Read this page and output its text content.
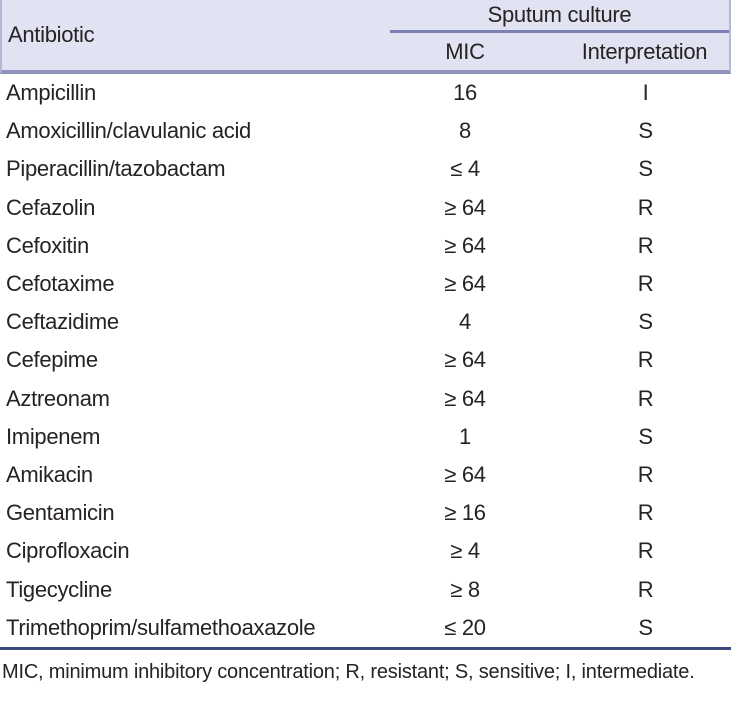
Antibiotic
Sputum culture
MIC	Interpretation
Ampicillin	16	I
Amoxicillin/clavulanic acid	8	S
Piperacillin/tazobactam	≤ 4	S
Cefazolin	≥ 64	R
Cefoxitin	≥ 64	R
Cefotaxime	≥ 64	R
Ceftazidime	4	S
Cefepime	≥ 64	R
Aztreonam	≥ 64	R
Imipenem	1	S
Amikacin	≥ 64	R
Gentamicin	≥ 16	R
Ciprofloxacin	≥ 4	R
Tigecycline	≥ 8	R
Trimethoprim/sulfamethoaxazole	≤ 20	S
MIC, minimum inhibitory concentration; R, resistant; S, sensitive; I, intermediate.
